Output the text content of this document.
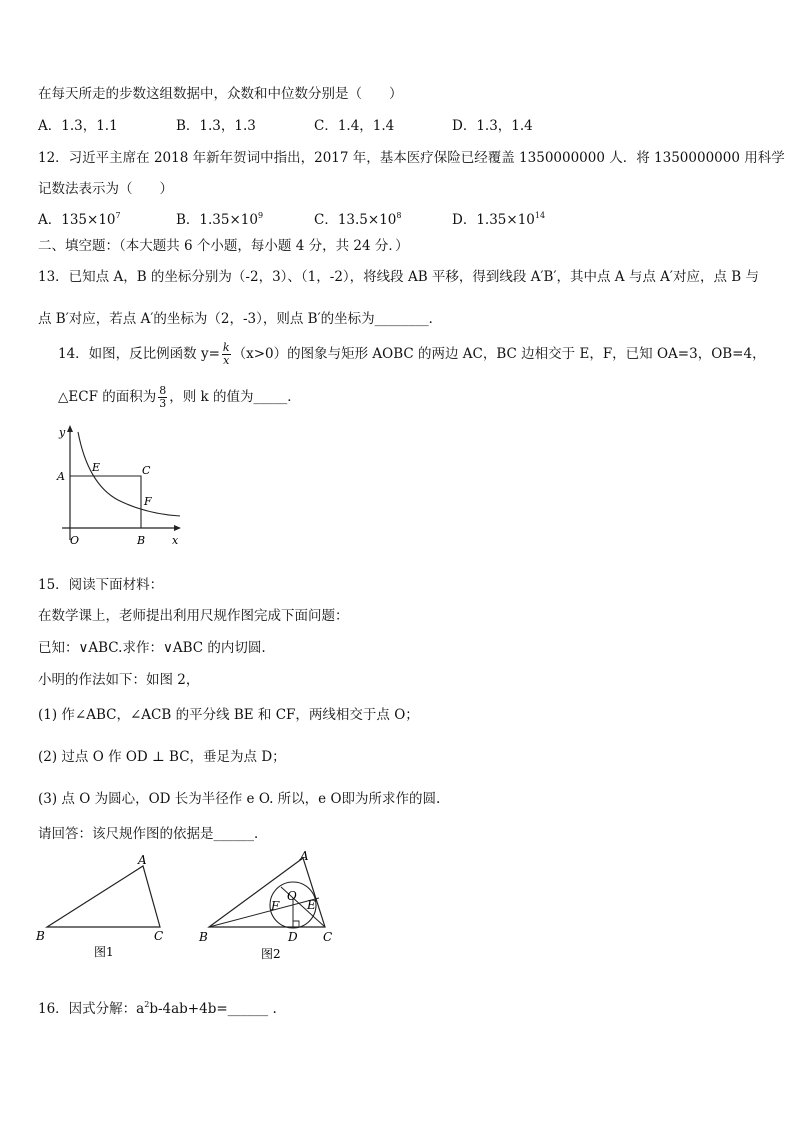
在每天所走的步数这组数据中，众数和中位数分别是（　　）
A．1.3，1.1	B．1.3，1.3	C．1.4，1.4	D．1.3，1.4
12．习近平主席在 2018 年新年贺词中指出，2017 年，基本医疗保险已经覆盖 1350000000 人．将 1350000000 用科学
记数法表示为（　　）
A．$135\times 10^7$	B．$1.35\times 10^9$	C．$13.5\times 10^8$	D．$1.35\times 10^{14}$
二、填空题：（本大题共 6 个小题，每小题 4 分，共 24 分．）
13．已知点 A，B 的坐标分别为（-2，3）、（1，-2），将线段 AB 平移，得到线段 A′B′，其中点 A 与点 A′对应，点 B 与
点 B′对应，若点 A′的坐标为（2，-3），则点 B′的坐标为________．
14．如图，反比例函数 $y= \frac{k}{x} (x>0)$的图象与矩形 AOBC 的两边 AC，BC 边相交于 E，F，已知 OA=3，OB=4，
△ECF 的面积为 $\frac{8}{3}$ ，则 k 的值为_____．
y
x
O
A
B
C
E
F
15．阅读下面材料：
在数学课上，老师提出利用尺规作图完成下面问题：
已知：∨ABC.求作：∨ABC 的内切圆.
小明的作法如下：如图 2，
(1) 作∠ABC，∠ACB 的平分线 BE 和 CF，两线相交于点 O；
(2) 过点 O 作 OD ⊥ BC，垂足为点 D；
(3) 点 O 为圆心，OD 长为半径作 e O. 所以，e O即为所求作的圆.
请回答：该尺规作图的依据是______．
A
B	C
图1
A
B	C
D
E
F
O
图2
16．因式分解：$a^2b-4ab+4b=\_\_\_\_\_\_$ .
